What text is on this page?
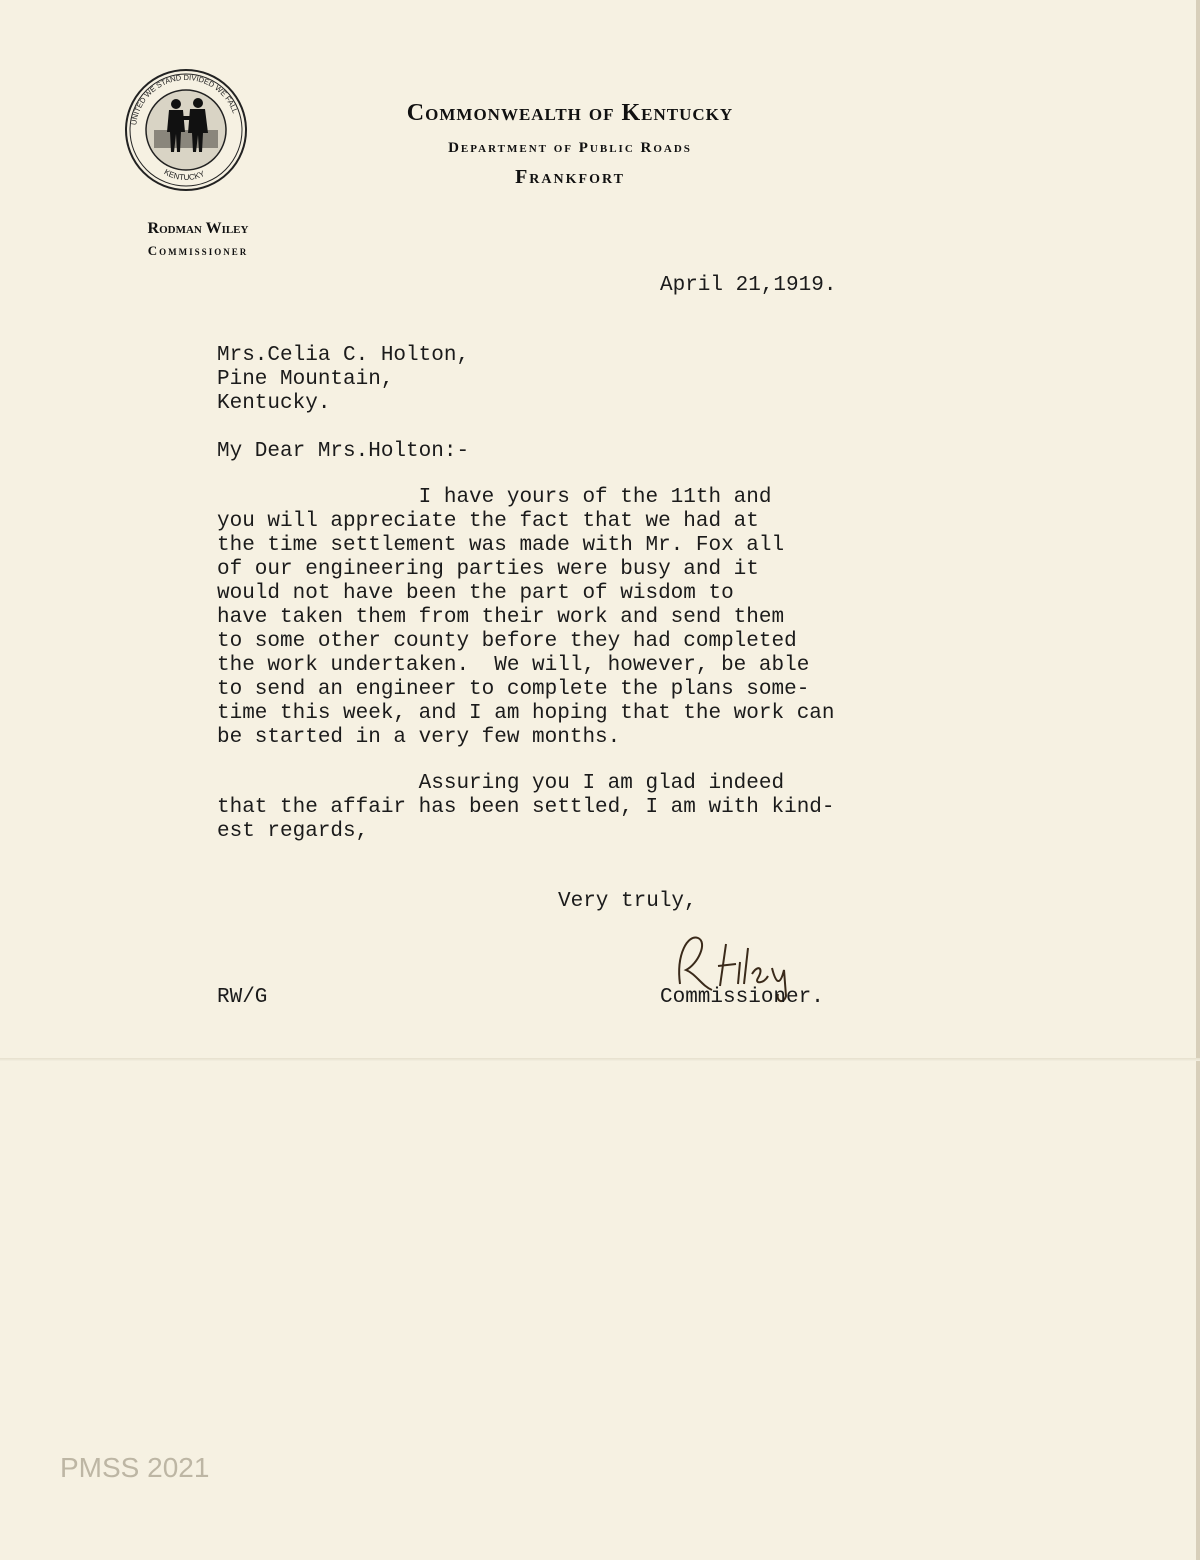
UNITED WE STAND DIVIDED WE FALL
KENTUCKY
Commonwealth of Kentucky
Department of Public Roads
Frankfort
Rodman Wiley
Commissioner
April 21,1919.
Mrs.Celia C. Holton,
Pine Mountain,
Kentucky.
My Dear Mrs.Holton:-
I have yours of the 11th and
you will appreciate the fact that we had at
the time settlement was made with Mr. Fox all
of our engineering parties were busy and it
would not have been the part of wisdom to
have taken them from their work and send them
to some other county before they had completed
the work undertaken.  We will, however, be able
to send an engineer to complete the plans some-
time this week, and I am hoping that the work can
be started in a very few months.
Assuring you I am glad indeed
that the affair has been settled, I am with kind-
est regards,
Very truly,
RW/G	Commissioner.
PMSS 2021
